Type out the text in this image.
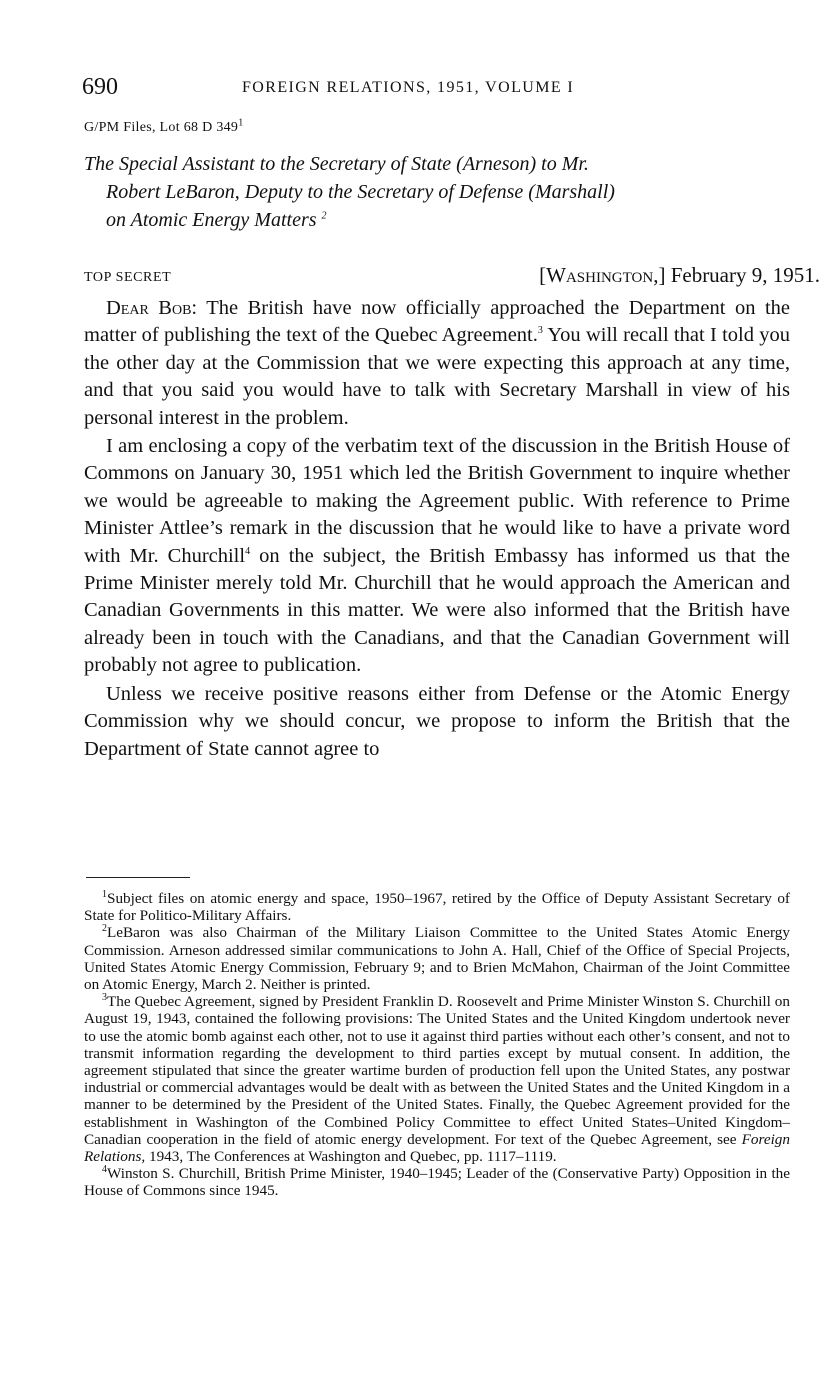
690	FOREIGN RELATIONS, 1951, VOLUME I
G/PM Files, Lot 68 D $349^1$
The Special Assistant to the Secretary of State (Arneson) to Mr.
Robert LeBaron, Deputy to the Secretary of Defense (Marshall)
on Atomic Energy Matters $^2$
TOP SECRET	[Washington,] February 9, 1951.

Dear Bob: The British have now officially approached the Department on the matter of publishing the text of the Quebec Agreement.$^3$ You will recall that I told you the other day at the Commission that we were expecting this approach at any time, and that you said you would have to talk with Secretary Marshall in view of his personal interest in the problem.

I am enclosing a copy of the verbatim text of the discussion in the British House of Commons on January 30, 1951 which led the British Government to inquire whether we would be agreeable to making the Agreement public. With reference to Prime Minister Attlee’s remark in the discussion that he would like to have a private word with Mr. Churchill$^4$ on the subject, the British Embassy has informed us that the Prime Minister merely told Mr. Churchill that he would approach the American and Canadian Governments in this matter. We were also informed that the British have already been in touch with the Canadians, and that the Canadian Government will probably not agree to publication.

Unless we receive positive reasons either from Defense or the Atomic Energy Commission why we should concur, we propose to inform the British that the Department of State cannot agree to

$^1$Subject files on atomic energy and space, 1950–1967, retired by the Office of Deputy Assistant Secretary of State for Politico-Military Affairs.

$^2$LeBaron was also Chairman of the Military Liaison Committee to the United States Atomic Energy Commission. Arneson addressed similar communications to John A. Hall, Chief of the Office of Special Projects, United States Atomic Energy Commission, February 9; and to Brien McMahon, Chairman of the Joint Committee on Atomic Energy, March 2. Neither is printed.

$^3$The Quebec Agreement, signed by President Franklin D. Roosevelt and Prime Minister Winston S. Churchill on August 19, 1943, contained the following provisions: The United States and the United Kingdom undertook never to use the atomic bomb against each other, not to use it against third parties without each other’s consent, and not to transmit information regarding the development to third parties except by mutual consent. In addition, the agreement stipulated that since the greater wartime burden of production fell upon the United States, any postwar industrial or commercial advantages would be dealt with as between the United States and the United Kingdom in a manner to be determined by the President of the United States. Finally, the Quebec Agreement provided for the establishment in Washington of the Combined Policy Committee to effect United States–United Kingdom–Canadian cooperation in the field of atomic energy development. For text of the Quebec Agreement, see Foreign Relations, 1943, The Conferences at Washington and Quebec, pp. 1117–1119.

$^4$Winston S. Churchill, British Prime Minister, 1940–1945; Leader of the (Conservative Party) Opposition in the House of Commons since 1945.
